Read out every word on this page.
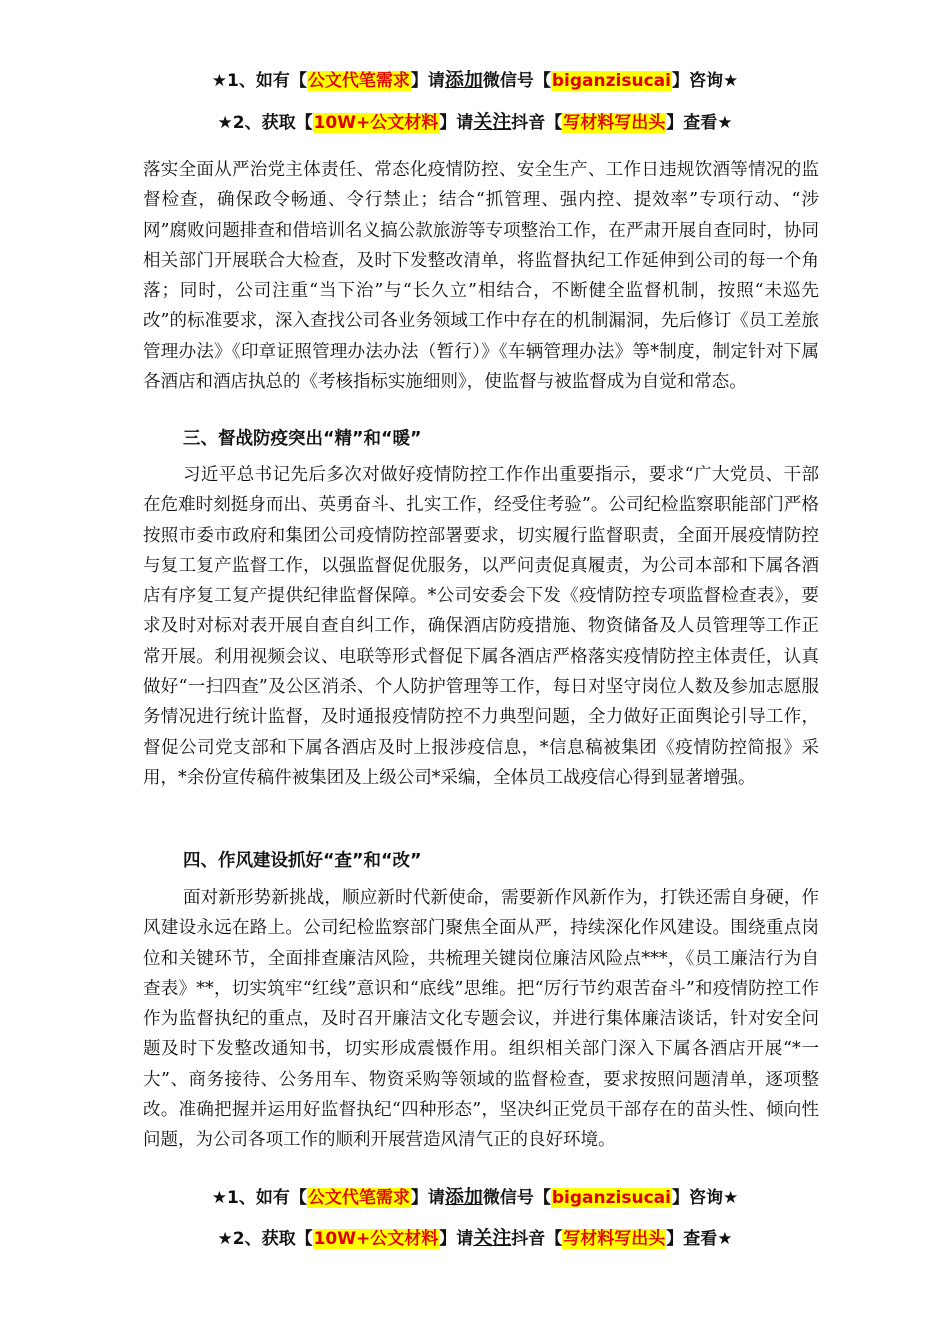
★1、如有【公文代笔需求】请添加微信号【biganzisucai】咨询★
★2、获取【10W+公文材料】请关注抖音【写材料写出头】查看★

落实全面从严治党主体责任、常态化疫情防控、安全生产、工作日违规饮酒等情况的监督检查，确保政令畅通、令行禁止；结合“抓管理、强内控、提效率”专项行动、“涉网”腐败问题排查和借培训名义搞公款旅游等专项整治工作，在严肃开展自查同时，协同相关部门开展联合大检查，及时下发整改清单，将监督执纪工作延伸到公司的每一个角落；同时，公司注重“当下治”与“长久立”相结合，不断健全监督机制，按照“未巡先改”的标准要求，深入查找公司各业务领域工作中存在的机制漏洞，先后修订《员工差旅管理办法》《印章证照管理办法办法（暂行）》《车辆管理办法》等*制度，制定针对下属各酒店和酒店执总的《考核指标实施细则》，使监督与被监督成为自觉和常态。

三、督战防疫突出“精”和“暖”

习近平总书记先后多次对做好疫情防控工作作出重要指示，要求“广大党员、干部在危难时刻挺身而出、英勇奋斗、扎实工作，经受住考验”。公司纪检监察职能部门严格按照市委市政府和集团公司疫情防控部署要求，切实履行监督职责，全面开展疫情防控与复工复产监督工作，以强监督促优服务，以严问责促真履责，为公司本部和下属各酒店有序复工复产提供纪律监督保障。*公司安委会下发《疫情防控专项监督检查表》，要求及时对标对表开展自查自纠工作，确保酒店防疫措施、物资储备及人员管理等工作正常开展。利用视频会议、电联等形式督促下属各酒店严格落实疫情防控主体责任，认真做好“一扫四查”及公区消杀、个人防护管理等工作，每日对坚守岗位人数及参加志愿服务情况进行统计监督，及时通报疫情防控不力典型问题，全力做好正面舆论引导工作，督促公司党支部和下属各酒店及时上报涉疫信息，*信息稿被集团《疫情防控简报》采用，*余份宣传稿件被集团及上级公司*采编，全体员工战疫信心得到显著增强。

四、作风建设抓好“查”和“改”

面对新形势新挑战，顺应新时代新使命，需要新作风新作为，打铁还需自身硬，作风建设永远在路上。公司纪检监察部门聚焦全面从严，持续深化作风建设。围绕重点岗位和关键环节，全面排查廉洁风险，共梳理关键岗位廉洁风险点***，《员工廉洁行为自查表》**，切实筑牢“红线”意识和“底线”思维。把“厉行节约艰苦奋斗”和疫情防控工作作为监督执纪的重点，及时召开廉洁文化专题会议，并进行集体廉洁谈话，针对安全问题及时下发整改通知书，切实形成震慑作用。组织相关部门深入下属各酒店开展“*一大”、商务接待、公务用车、物资采购等领域的监督检查，要求按照问题清单，逐项整改。准确把握并运用好监督执纪“四种形态”，坚决纠正党员干部存在的苗头性、倾向性问题，为公司各项工作的顺利开展营造风清气正的良好环境。

★1、如有【公文代笔需求】请添加微信号【biganzisucai】咨询★
★2、获取【10W+公文材料】请关注抖音【写材料写出头】查看★
